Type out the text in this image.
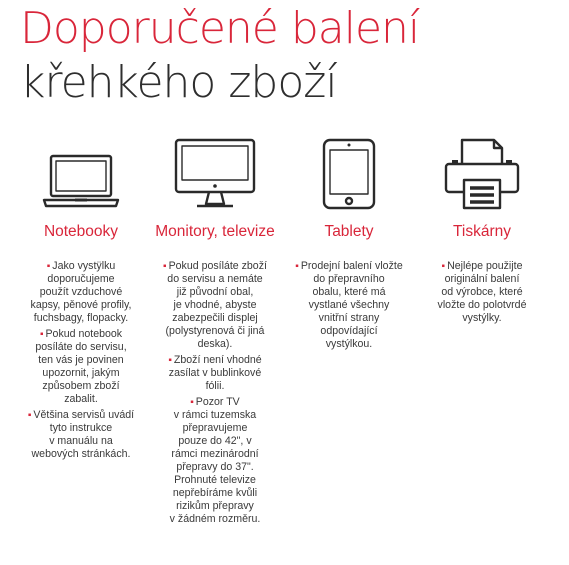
Doporučené balení
křehkého zboží
Notebooky
▪ Jako vystÿlku
doporučujeme
použít vzduchové
kapsy, pěnové profily,
fuchsbagy, flopacky.
▪ Pokud notebook
posíláte do servisu,
ten vás je povinen
upozornit, jakým
způsobem zboží
zabalit.
▪ Většina servisů uvádí
tyto instrukce
v manuálu na
webových stránkách.
Monitory, televize
▪ Pokud posíláte zboží
do servisu a nemáte
již původní obal,
je vhodné, abyste
zabezpečili displej
(polystyrenová či jiná
deska).
▪ Zboží není vhodné
zasílat v bublinkové
fólii.
▪ Pozor TV
v rámci tuzemska
přepravujeme
pouze do 42", v
rámci mezinárodní
přepravy do 37".
Prohnuté televize
nepřebíráme kvůli
rizikům přepravy
v žádném rozměru.
Tablety
▪ Prodejní balení vložte
do přepravního
obalu, které má
vystlané všechny
vnitřní strany
odpovídající
vystýlkou.
Tiskárny
▪ Nejlépe použijte
originální balení
od výrobce, které
vložte do polotvrdé
vystýlky.
